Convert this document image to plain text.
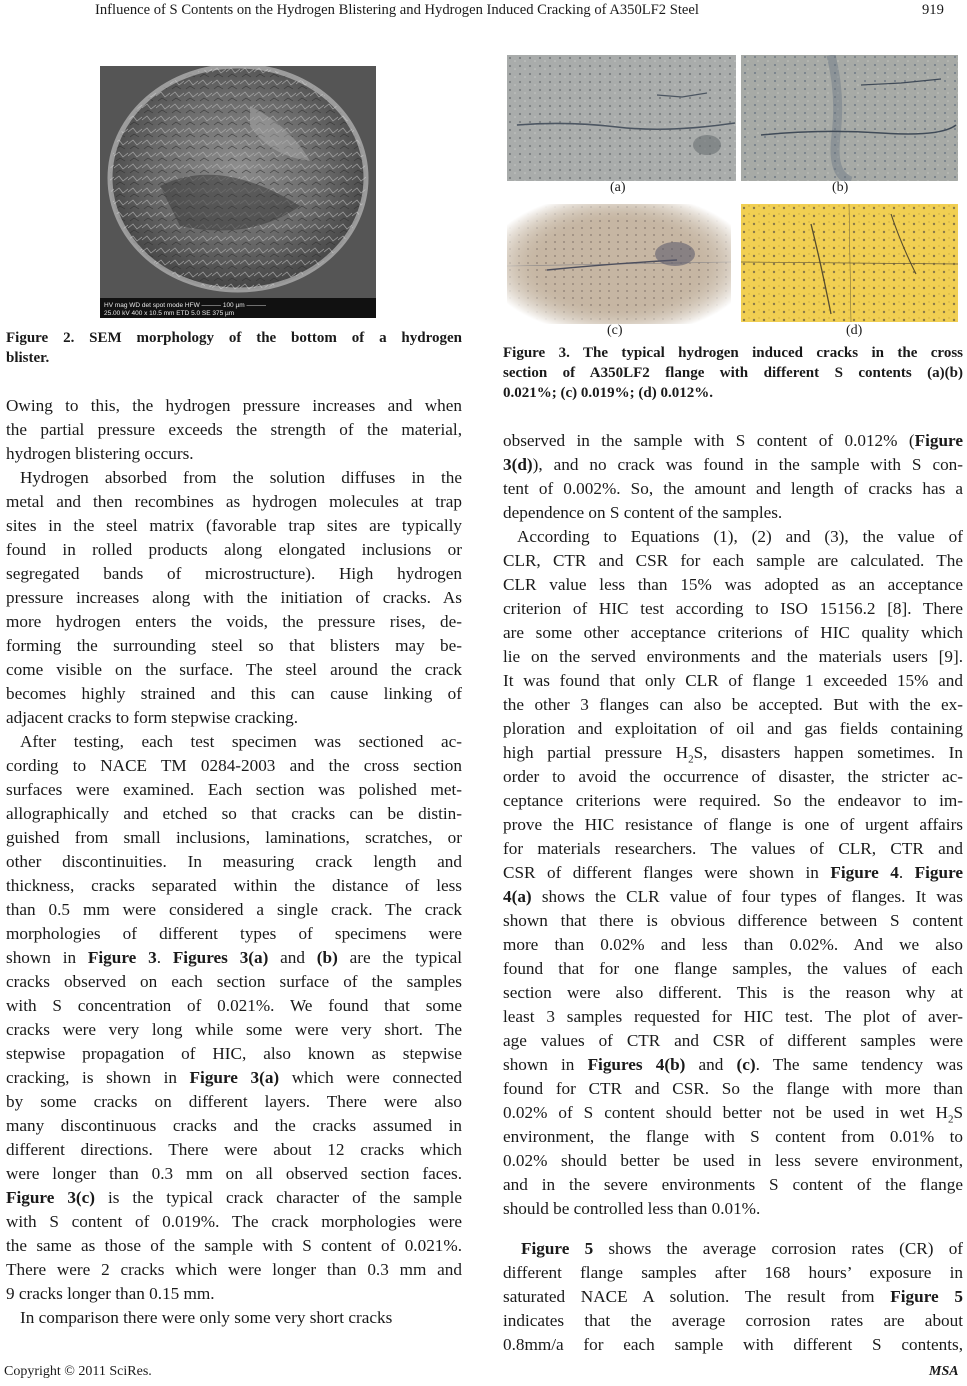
Influence of S Contents on the Hydrogen Blistering and Hydrogen Induced Cracking of A350LF2 Steel	919
HV mag WD det spot mode HFW ——— 100 µm ———
25.00 kV 400 x 10.5 mm ETD 5.0 SE 375 µm
Figure 2. SEM morphology of the bottom of a hydrogen
blister.
Owing to this, the hydrogen pressure increases and when
the partial pressure exceeds the strength of the material,
hydrogen blistering occurs.
Hydrogen absorbed from the solution diffuses in the
metal and then recombines as hydrogen molecules at trap
sites in the steel matrix (favorable trap sites are typically
found in rolled products along elongated inclusions or
segregated bands of microstructure). High hydrogen
pressure increases along with the initiation of cracks. As
more hydrogen enters the voids, the pressure rises, de-
forming the surrounding steel so that blisters may be-
come visible on the surface. The steel around the crack
becomes highly strained and this can cause linking of
adjacent cracks to form stepwise cracking.
After testing, each test specimen was sectioned ac-
cording to NACE TM 0284-2003 and the cross section
surfaces were examined. Each section was polished met-
allographically and etched so that cracks can be distin-
guished from small inclusions, laminations, scratches, or
other discontinuities. In measuring crack length and
thickness, cracks separated within the distance of less
than 0.5 mm were considered a single crack. The crack
morphologies of different types of specimens were
shown in Figure 3. Figures 3(a) and (b) are the typical
cracks observed on each section surface of the samples
with S concentration of 0.021%. We found that some
cracks were very long while some were very short. The
stepwise propagation of HIC, also known as stepwise
cracking, is shown in Figure 3(a) which were connected
by some cracks on different layers. There were also
many discontinuous cracks and the cracks assumed in
different directions. There were about 12 cracks which
were longer than 0.3 mm on all observed section faces.
Figure 3(c) is the typical crack character of the sample
with S content of 0.019%. The crack morphologies were
the same as those of the sample with S content of 0.021%.
There were 2 cracks which were longer than 0.3 mm and
9 cracks longer than 0.15 mm.
In comparison there were only some very short cracks
(a)	(b)
(c)	(d)
Figure 3. The typical hydrogen induced cracks in the cross
section of A350LF2 flange with different S contents (a)(b)
0.021%; (c) 0.019%; (d) 0.012%.
observed in the sample with S content of 0.012% (Figure
3(d)), and no crack was found in the sample with S con-
tent of 0.002%. So, the amount and length of cracks has a
dependence on S content of the samples.
According to Equations (1), (2) and (3), the value of
CLR, CTR and CSR for each sample are calculated. The
CLR value less than 15% was adopted as an acceptance
criterion of HIC test according to ISO 15156.2 [8]. There
are some other acceptance criterions of HIC quality which
lie on the served environments and the materials users [9].
It was found that only CLR of flange 1 exceeded 15% and
the other 3 flanges can also be accepted. But with the ex-
ploration and exploitation of oil and gas fields containing
high partial pressure $H_2S$, disasters happen sometimes. In
order to avoid the occurrence of disaster, the stricter ac-
ceptance criterions were required. So the endeavor to im-
prove the HIC resistance of flange is one of urgent affairs
for materials researchers. The values of CLR, CTR and
CSR of different flanges were shown in Figure 4. Figure
4(a) shows the CLR value of four types of flanges. It was
shown that there is obvious difference between S content
more than 0.02% and less than 0.02%. And we also
found that for one flange samples, the values of each
section were also different. This is the reason why at
least 3 samples requested for HIC test. The plot of aver-
age values of CTR and CSR of different samples were
shown in Figures 4(b) and (c). The same tendency was
found for CTR and CSR. So the flange with more than
0.02% of S content should better not be used in wet $H_2S$
environment, the flange with S content from 0.01% to
0.02% should better be used in less severe environment,
and in the severe environments S content of the flange
should be controlled less than 0.01%.
Figure 5 shows the average corrosion rates (CR) of
different flange samples after 168 hours’ exposure in
saturated NACE A solution. The result from Figure 5
indicates that the average corrosion rates are about
0.8mm/a for each sample with different S contents,
Copyright © 2011 SciRes.	MSA
